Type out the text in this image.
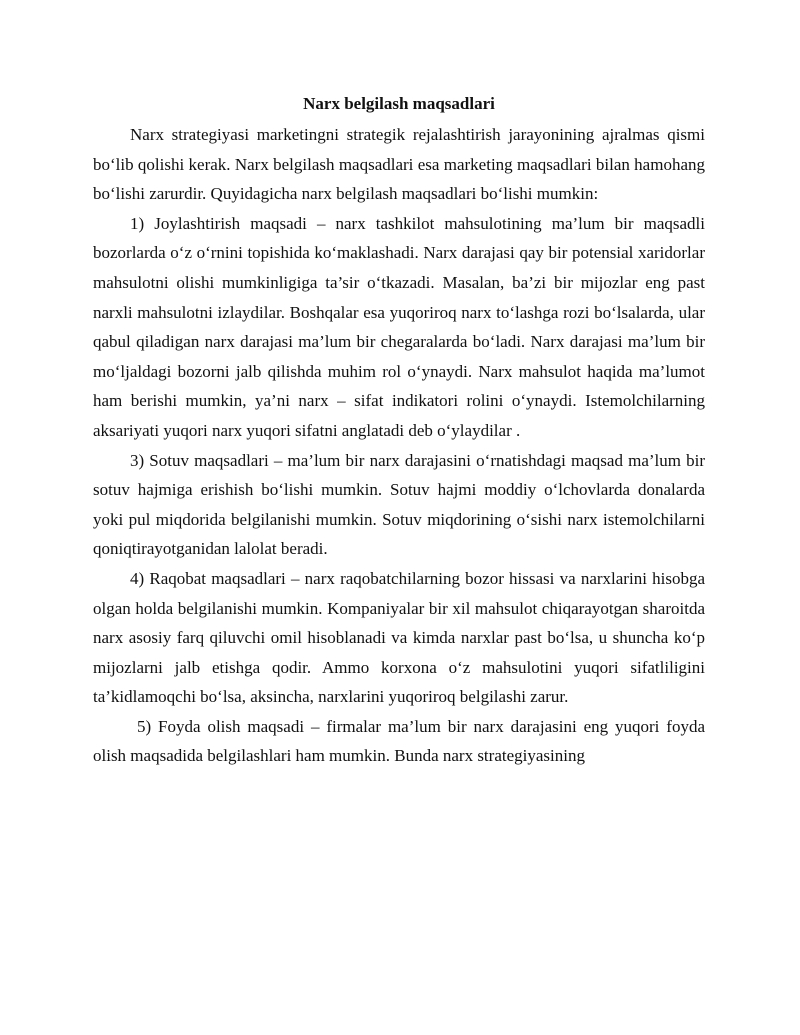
Narx belgilash maqsadlari

Narx strategiyasi marketingni strategik rejalashtirish jarayonining ajralmas qismi bo‘lib qolishi kerak. Narx belgilash maqsadlari esa marketing maqsadlari bilan hamohang bo‘lishi zarurdir. Quyidagicha narx belgilash maqsadlari bo‘lishi mumkin:

1) Joylashtirish maqsadi – narx tashkilot mahsulotining ma’lum bir maqsadli bozorlarda o‘z o‘rnini topishida ko‘maklashadi. Narx darajasi qay bir potensial xaridorlar mahsulotni olishi mumkinligiga ta’sir o‘tkazadi. Masalan, ba’zi bir mijozlar eng past narxli mahsulotni izlaydilar. Boshqalar esa yuqoriroq narx to‘lashga rozi bo‘lsalarda, ular qabul qiladigan narx darajasi ma’lum bir chegaralarda bo‘ladi. Narx darajasi ma’lum bir mo‘ljaldagi bozorni jalb qilishda muhim rol o‘ynaydi. Narx mahsulot haqida ma’lumot ham berishi mumkin, ya’ni narx – sifat indikatori rolini o‘ynaydi. Istemolchilarning aksariyati yuqori narx yuqori sifatni anglatadi deb o‘ylaydilar .

3) Sotuv maqsadlari – ma’lum bir narx darajasini o‘rnatishdagi maqsad ma’lum bir sotuv hajmiga erishish bo‘lishi mumkin. Sotuv hajmi moddiy o‘lchovlarda donalarda yoki pul miqdorida belgilanishi mumkin. Sotuv miqdorining o‘sishi narx istemolchilarni qoniqtirayotganidan lalolat beradi.

4) Raqobat maqsadlari – narx raqobatchilarning bozor hissasi va narxlarini hisobga olgan holda belgilanishi mumkin. Kompaniyalar bir xil mahsulot chiqarayotgan sharoitda narx asosiy farq qiluvchi omil hisoblanadi va kimda narxlar past bo‘lsa, u shuncha ko‘p mijozlarni jalb etishga qodir. Ammo korxona o‘z mahsulotini yuqori sifatliligini ta’kidlamoqchi bo‘lsa, aksincha, narxlarini yuqoriroq belgilashi zarur.

5) Foyda olish maqsadi – firmalar ma’lum bir narx darajasini eng yuqori foyda olish maqsadida belgilashlari ham mumkin. Bunda narx strategiyasining
